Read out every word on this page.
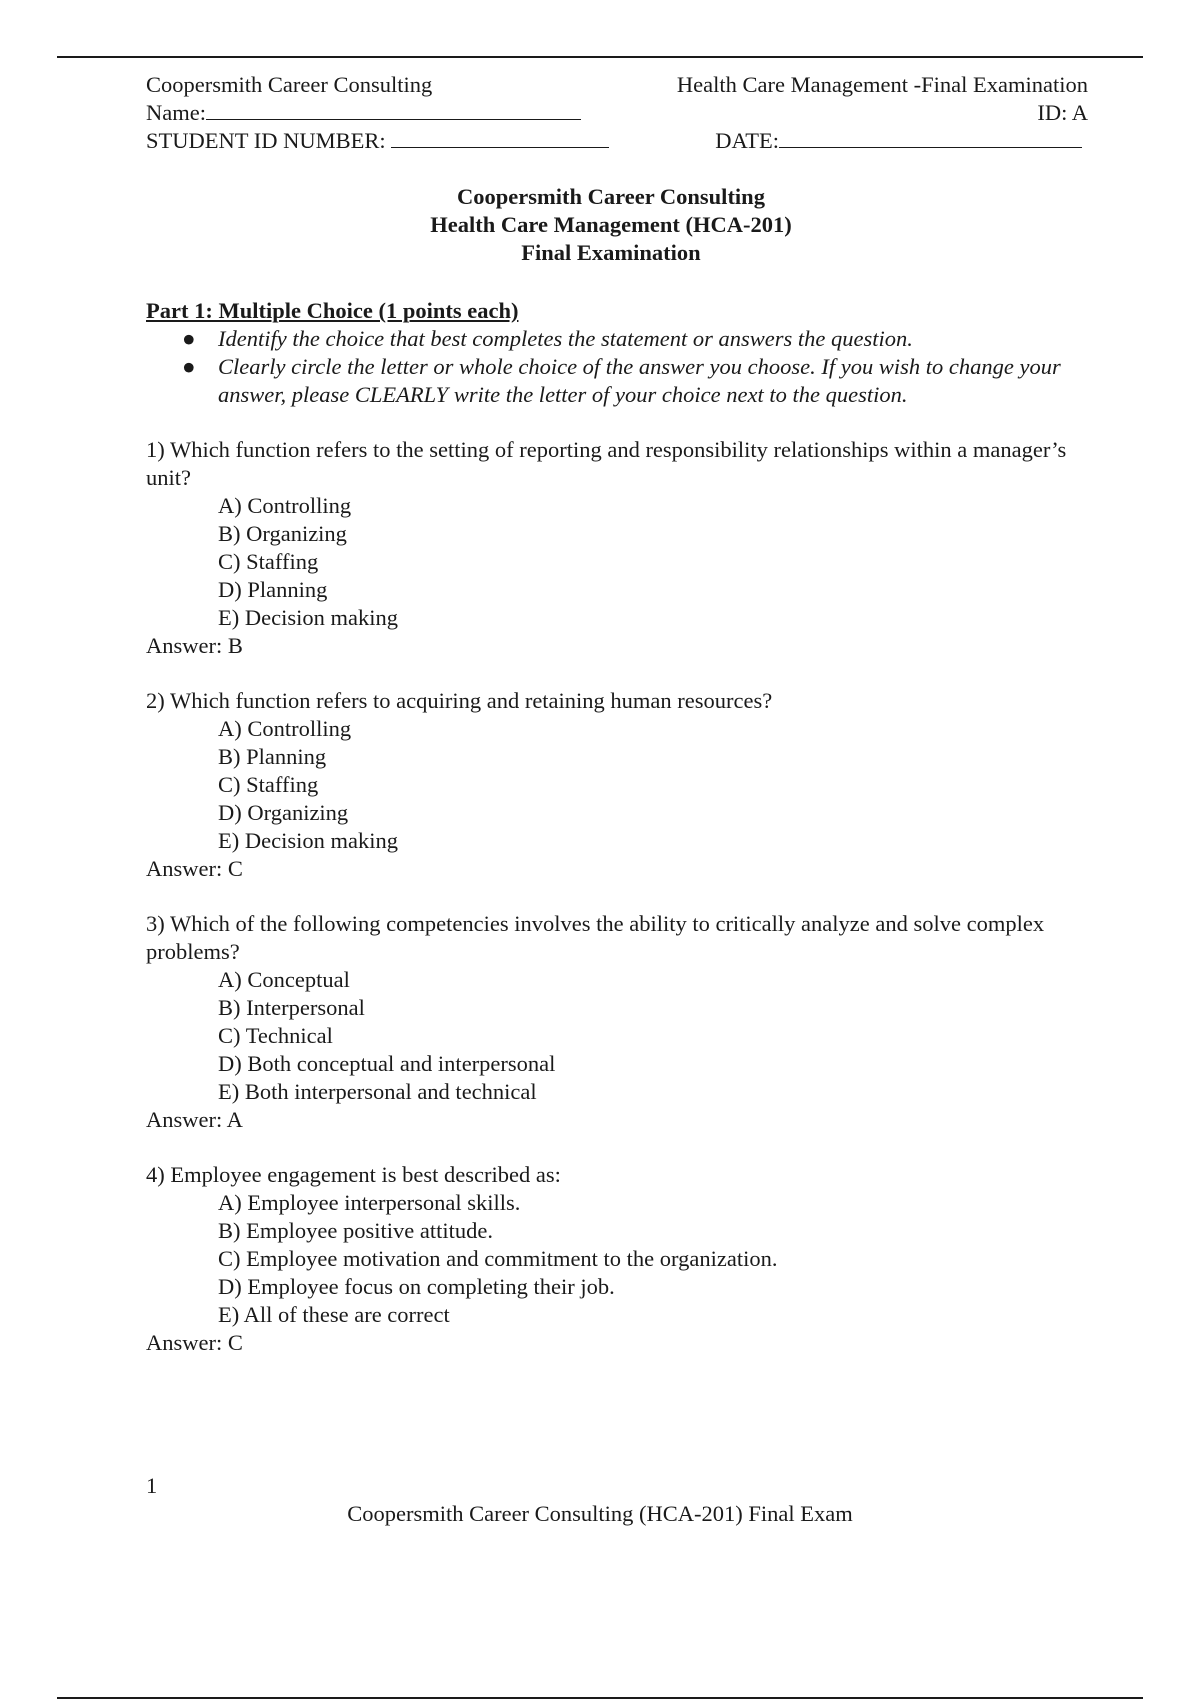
Coopersmith Career Consulting	Health Care Management -Final Examination
Name:	ID: A
STUDENT ID NUMBER:
	DATE:
Coopersmith Career Consulting
Health Care Management (HCA-201)
Final Examination
Part 1: Multiple Choice (1 points each)
● Identify the choice that best completes the statement or answers the question.
● Clearly circle the letter or whole choice of the answer you choose. If you wish to change your answer, please CLEARLY write the letter of your choice next to the question.
1) Which function refers to the setting of reporting and responsibility relationships within a manager’s unit?
A) Controlling
B) Organizing
C) Staffing
D) Planning
E) Decision making
Answer: B
2) Which function refers to acquiring and retaining human resources?
A) Controlling
B) Planning
C) Staffing
D) Organizing
E) Decision making
Answer: C
3) Which of the following competencies involves the ability to critically analyze and solve complex problems?
A) Conceptual
B) Interpersonal
C) Technical
D) Both conceptual and interpersonal
E) Both interpersonal and technical
Answer: A
4) Employee engagement is best described as:
A) Employee interpersonal skills.
B) Employee positive attitude.
C) Employee motivation and commitment to the organization.
D) Employee focus on completing their job.
E) All of these are correct
Answer: C
1
Coopersmith Career Consulting (HCA-201) Final Exam
